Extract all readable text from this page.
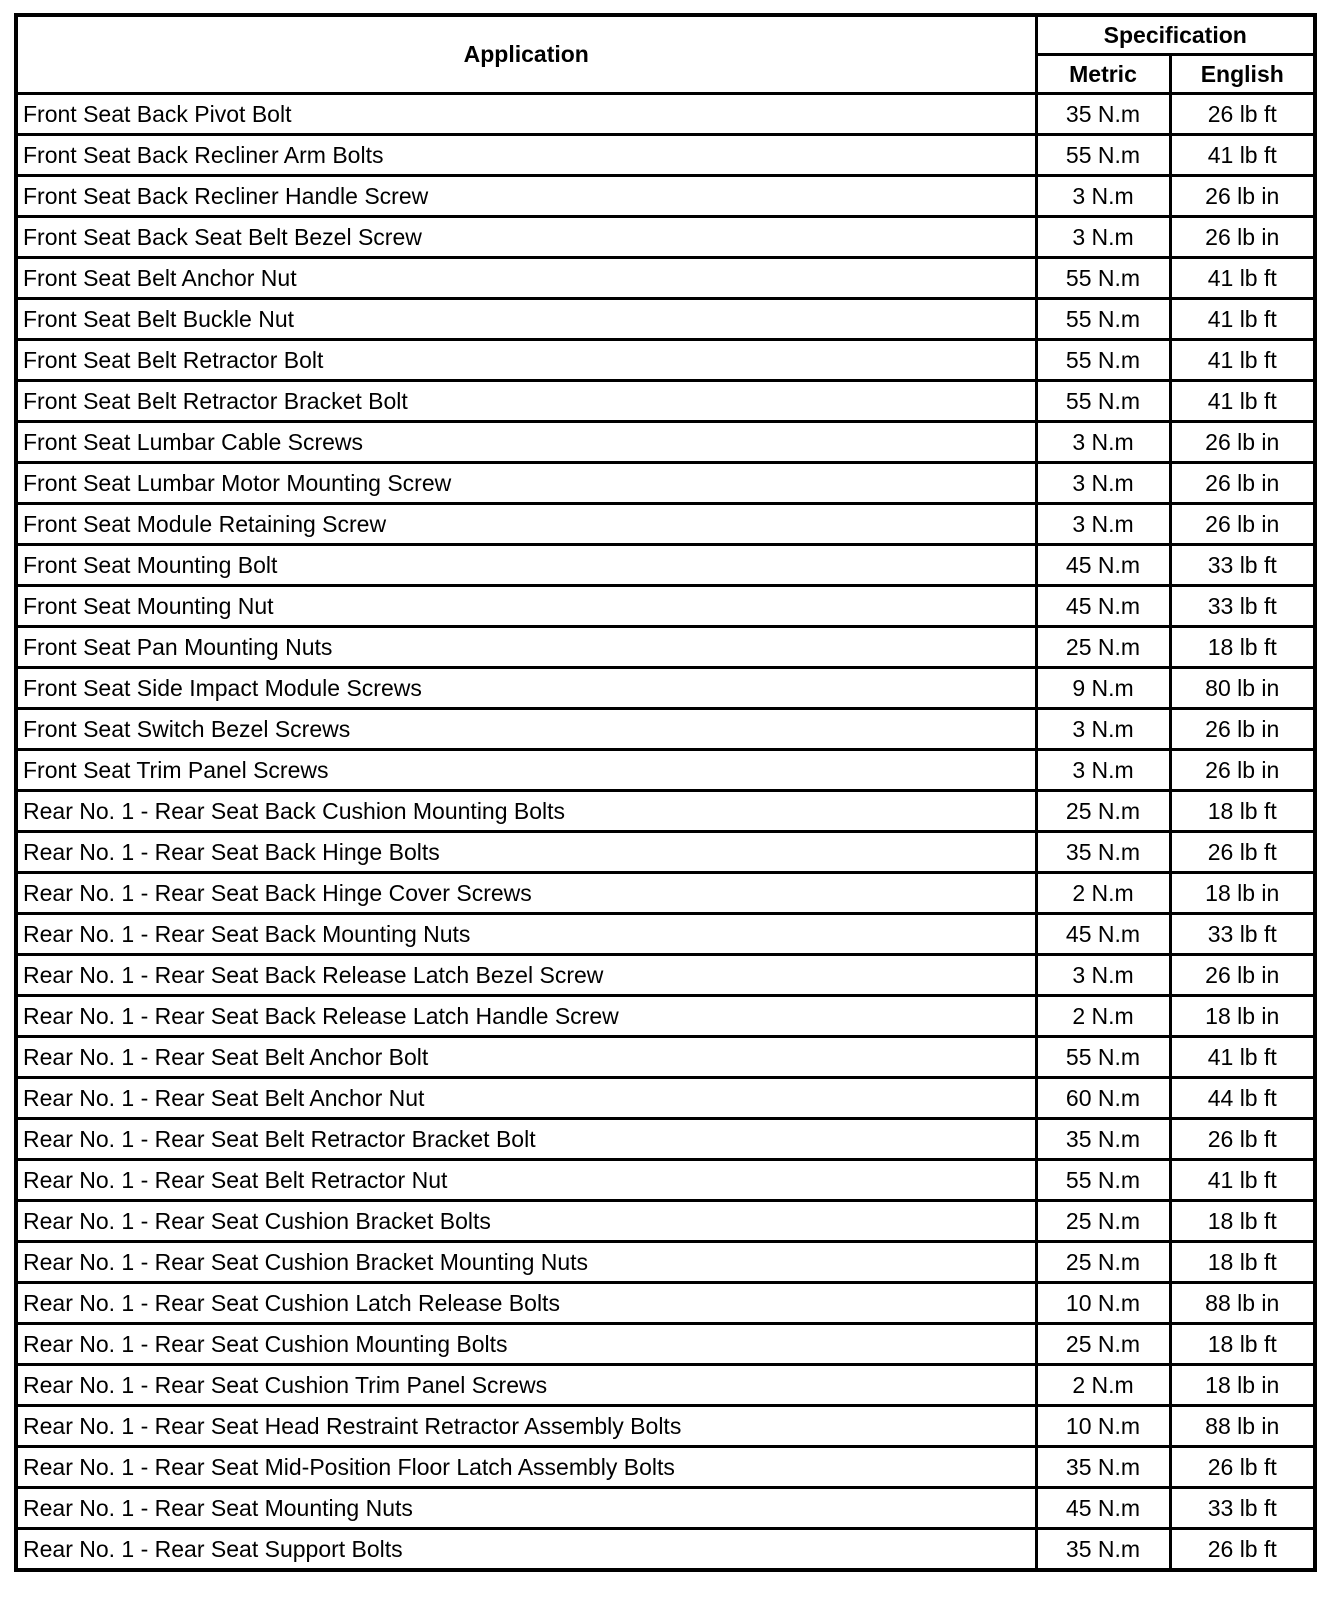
Application	Specification	
	Metric	English
Front Seat Back Pivot Bolt	35 N.m	26 lb ft
Front Seat Back Recliner Arm Bolts	55 N.m	41 lb ft
Front Seat Back Recliner Handle Screw	3 N.m	26 lb in
Front Seat Back Seat Belt Bezel Screw	3 N.m	26 lb in
Front Seat Belt Anchor Nut	55 N.m	41 lb ft
Front Seat Belt Buckle Nut	55 N.m	41 lb ft
Front Seat Belt Retractor Bolt	55 N.m	41 lb ft
Front Seat Belt Retractor Bracket Bolt	55 N.m	41 lb ft
Front Seat Lumbar Cable Screws	3 N.m	26 lb in
Front Seat Lumbar Motor Mounting Screw	3 N.m	26 lb in
Front Seat Module Retaining Screw	3 N.m	26 lb in
Front Seat Mounting Bolt	45 N.m	33 lb ft
Front Seat Mounting Nut	45 N.m	33 lb ft
Front Seat Pan Mounting Nuts	25 N.m	18 lb ft
Front Seat Side Impact Module Screws	9 N.m	80 lb in
Front Seat Switch Bezel Screws	3 N.m	26 lb in
Front Seat Trim Panel Screws	3 N.m	26 lb in
Rear No. 1 - Rear Seat Back Cushion Mounting Bolts	25 N.m	18 lb ft
Rear No. 1 - Rear Seat Back Hinge Bolts	35 N.m	26 lb ft
Rear No. 1 - Rear Seat Back Hinge Cover Screws	2 N.m	18 lb in
Rear No. 1 - Rear Seat Back Mounting Nuts	45 N.m	33 lb ft
Rear No. 1 - Rear Seat Back Release Latch Bezel Screw	3 N.m	26 lb in
Rear No. 1 - Rear Seat Back Release Latch Handle Screw	2 N.m	18 lb in
Rear No. 1 - Rear Seat Belt Anchor Bolt	55 N.m	41 lb ft
Rear No. 1 - Rear Seat Belt Anchor Nut	60 N.m	44 lb ft
Rear No. 1 - Rear Seat Belt Retractor Bracket Bolt	35 N.m	26 lb ft
Rear No. 1 - Rear Seat Belt Retractor Nut	55 N.m	41 lb ft
Rear No. 1 - Rear Seat Cushion Bracket Bolts	25 N.m	18 lb ft
Rear No. 1 - Rear Seat Cushion Bracket Mounting Nuts	25 N.m	18 lb ft
Rear No. 1 - Rear Seat Cushion Latch Release Bolts	10 N.m	88 lb in
Rear No. 1 - Rear Seat Cushion Mounting Bolts	25 N.m	18 lb ft
Rear No. 1 - Rear Seat Cushion Trim Panel Screws	2 N.m	18 lb in
Rear No. 1 - Rear Seat Head Restraint Retractor Assembly Bolts	10 N.m	88 lb in
Rear No. 1 - Rear Seat Mid-Position Floor Latch Assembly Bolts	35 N.m	26 lb ft
Rear No. 1 - Rear Seat Mounting Nuts	45 N.m	33 lb ft
Rear No. 1 - Rear Seat Support Bolts	35 N.m	26 lb ft
